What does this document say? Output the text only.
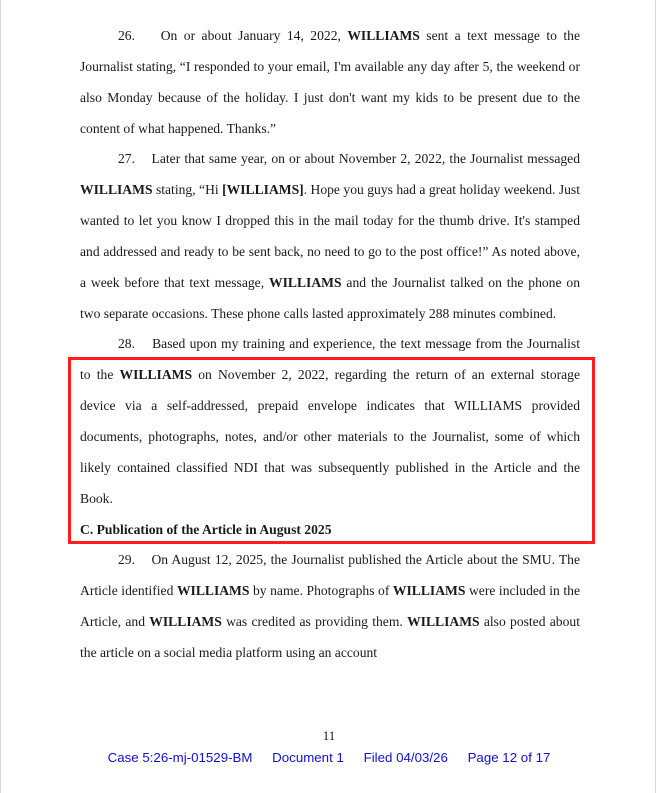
26. On or about January 14, 2022, WILLIAMS sent a text message to the Journalist stating, “I responded to your email, I'm available any day after 5, the weekend or also Monday because of the holiday. I just don't want my kids to be present due to the content of what happened. Thanks.”

27. Later that same year, on or about November 2, 2022, the Journalist messaged WILLIAMS stating, “Hi [WILLIAMS]. Hope you guys had a great holiday weekend. Just wanted to let you know I dropped this in the mail today for the thumb drive. It's stamped and addressed and ready to be sent back, no need to go to the post office!” As noted above, a week before that text message, WILLIAMS and the Journalist talked on the phone on two separate occasions. These phone calls lasted approximately 288 minutes combined.

28. Based upon my training and experience, the text message from the Journalist to the WILLIAMS on November 2, 2022, regarding the return of an external storage device via a self-addressed, prepaid envelope indicates that WILLIAMS provided documents, photographs, notes, and/or other materials to the Journalist, some of which likely contained classified NDI that was subsequently published in the Article and the Book.

C. Publication of the Article in August 2025

29. On August 12, 2025, the Journalist published the Article about the SMU. The Article identified WILLIAMS by name. Photographs of WILLIAMS were included in the Article, and WILLIAMS was credited as providing them. WILLIAMS also posted about the article on a social media platform using an account

11
Case 5:26-mj-01529-BM Document 1 Filed 04/03/26 Page 12 of 17
